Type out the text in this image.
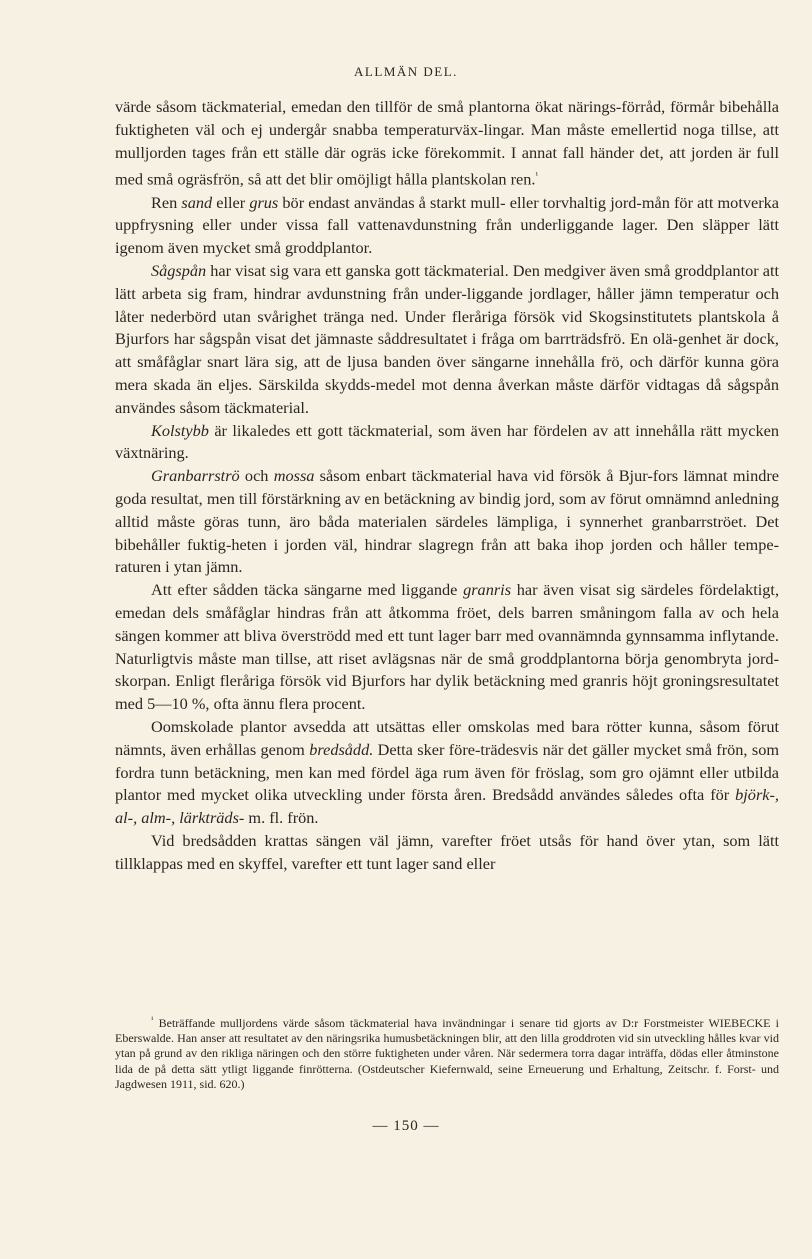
ALLMÄN DEL.

värde såsom täckmaterial, emedan den tillför de små plantorna ökat närings-förråd, förmår bibehålla fuktigheten väl och ej undergår snabba temperaturväx-lingar. Man måste emellertid noga tillse, att mulljorden tages från ett ställe där ogräs icke förekommit. I annat fall händer det, att jorden är full med små ogräsfrön, så att det blir omöjligt hålla plantskolan ren.$^{^1}$

Ren sand eller grus bör endast användas å starkt mull- eller torvhaltig jord-mån för att motverka uppfrysning eller under vissa fall vattenavdunstning från underliggande lager. Den släpper lätt igenom även mycket små groddplantor.

Sågspån har visat sig vara ett ganska gott täckmaterial. Den medgiver även små groddplantor att lätt arbeta sig fram, hindrar avdunstning från under-liggande jordlager, håller jämn temperatur och låter nederbörd utan svårighet tränga ned. Under fleråriga försök vid Skogsinstitutets plantskola å Bjurfors har sågspån visat det jämnaste såddresultatet i fråga om barrträdsfrö. En olä-genhet är dock, att småfåglar snart lära sig, att de ljusa banden över sängarne innehålla frö, och därför kunna göra mera skada än eljes. Särskilda skydds-medel mot denna åverkan måste därför vidtagas då sågspån användes såsom täckmaterial.

Kolstybb är likaledes ett gott täckmaterial, som även har fördelen av att innehålla rätt mycken växtnäring.

Granbarrströ och mossa såsom enbart täckmaterial hava vid försök å Bjur-fors lämnat mindre goda resultat, men till förstärkning av en betäckning av bindig jord, som av förut omnämnd anledning alltid måste göras tunn, äro båda materialen särdeles lämpliga, i synnerhet granbarrströet. Det bibehåller fuktig-heten i jorden väl, hindrar slagregn från att baka ihop jorden och håller tempe-raturen i ytan jämn.

Att efter sådden täcka sängarne med liggande granris har även visat sig särdeles fördelaktigt, emedan dels småfåglar hindras från att åtkomma fröet, dels barren småningom falla av och hela sängen kommer att bliva överströdd med ett tunt lager barr med ovannämnda gynnsamma inflytande. Naturligtvis måste man tillse, att riset avlägsnas när de små groddplantorna börja genombryta jord-skorpan. Enligt fleråriga försök vid Bjurfors har dylik betäckning med granris höjt groningsresultatet med 5—10 %, ofta ännu flera procent.

Oomskolade plantor avsedda att utsättas eller omskolas med bara rötter kunna, såsom förut nämnts, även erhållas genom bredsådd. Detta sker före-trädesvis när det gäller mycket små frön, som fordra tunn betäckning, men kan med fördel äga rum även för fröslag, som gro ojämnt eller utbilda plantor med mycket olika utveckling under första åren. Bredsådd användes således ofta för björk-, al-, alm-, lärkträds- m. fl. frön.

Vid bredsådden krattas sängen väl jämn, varefter fröet utsås för hand över ytan, som lätt tillklappas med en skyffel, varefter ett tunt lager sand eller

$^{^1}$ Beträffande mulljordens värde såsom täckmaterial hava invändningar i senare tid gjorts av D:r Forstmeister WIEBECKE i Eberswalde. Han anser att resultatet av den näringsrika humusbetäckningen blir, att den lilla groddroten vid sin utveckling hålles kvar vid ytan på grund av den rikliga näringen och den större fuktigheten under våren. När sedermera torra dagar inträffa, dödas eller åtminstone lida de på detta sätt ytligt liggande finrötterna. (Ostdeutscher Kiefernwald, seine Erneuerung und Erhaltung, Zeitschr. f. Forst- und Jagdwesen 1911, sid. 620.)
— 150 —
